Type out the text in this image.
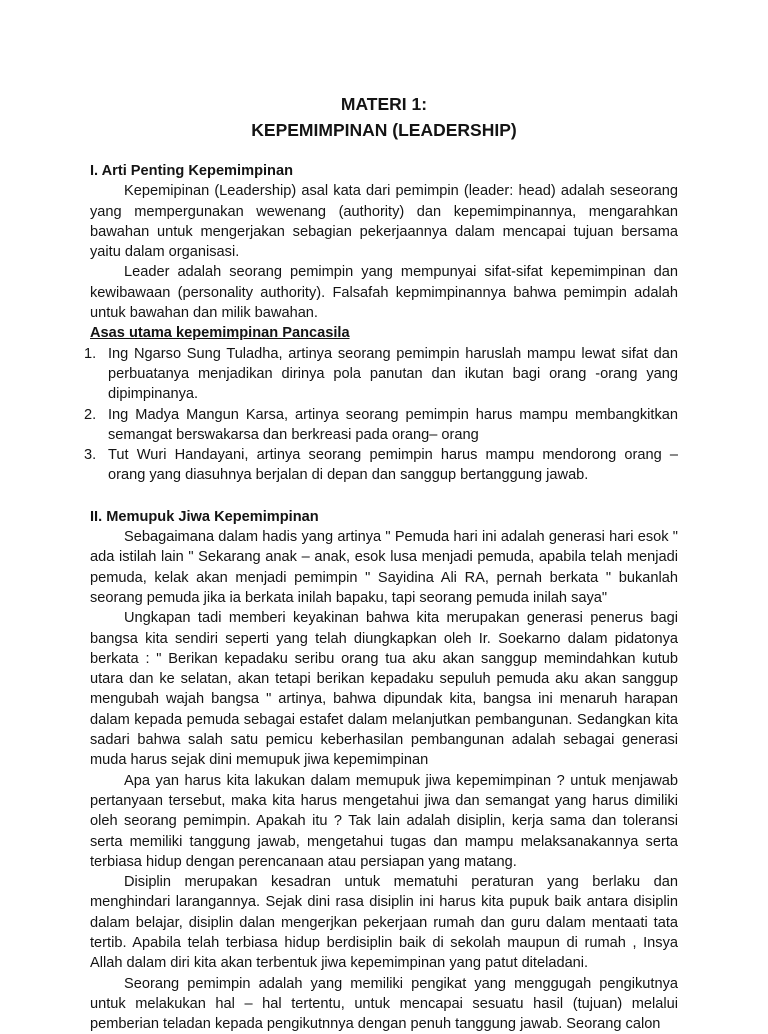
MATERI 1:
KEPEMIMPINAN (LEADERSHIP)
I. Arti Penting Kepemimpinan

Kepemipinan (Leadership) asal kata dari pemimpin (leader: head) adalah seseorang yang mempergunakan wewenang (authority) dan kepemimpinannya, mengarahkan bawahan untuk mengerjakan sebagian pekerjaannya dalam mencapai tujuan bersama yaitu dalam organisasi.

Leader adalah seorang pemimpin yang mempunyai sifat-sifat kepemimpinan dan kewibawaan (personality authority). Falsafah kepmimpinannya bahwa pemimpin adalah untuk bawahan dan milik bawahan.

Asas utama kepemimpinan Pancasila
1. Ing Ngarso Sung Tuladha, artinya seorang pemimpin haruslah mampu lewat sifat dan perbuatanya menjadikan dirinya pola panutan dan ikutan bagi orang -orang yang dipimpinanya.
2. Ing Madya Mangun Karsa, artinya seorang pemimpin harus mampu membangkitkan semangat berswakarsa dan berkreasi pada orang– orang
3. Tut Wuri Handayani, artinya seorang pemimpin harus mampu mendorong orang – orang yang diasuhnya berjalan di depan dan sanggup bertanggung jawab.
II. Memupuk Jiwa Kepemimpinan

Sebagaimana dalam hadis yang artinya " Pemuda hari ini adalah generasi hari esok " ada istilah lain " Sekarang anak – anak, esok lusa menjadi pemuda, apabila telah menjadi pemuda, kelak akan menjadi pemimpin " Sayidina Ali RA, pernah berkata " bukanlah seorang pemuda jika ia berkata inilah bapaku, tapi seorang pemuda inilah saya"

Ungkapan tadi memberi keyakinan bahwa kita merupakan generasi penerus bagi bangsa kita sendiri seperti yang telah diungkapkan oleh Ir. Soekarno dalam pidatonya berkata : " Berikan kepadaku seribu orang tua aku akan sanggup memindahkan kutub utara dan ke selatan, akan tetapi berikan kepadaku sepuluh pemuda aku akan sanggup mengubah wajah bangsa " artinya, bahwa dipundak kita, bangsa ini menaruh harapan dalam kepada pemuda sebagai estafet dalam melanjutkan pembangunan. Sedangkan kita sadari bahwa salah satu pemicu keberhasilan pembangunan adalah sebagai generasi muda harus sejak dini memupuk jiwa kepemimpinan

Apa yan harus kita lakukan dalam memupuk jiwa kepemimpinan ? untuk menjawab pertanyaan tersebut, maka kita harus mengetahui jiwa dan semangat yang harus dimiliki oleh seorang pemimpin. Apakah itu ? Tak lain adalah disiplin, kerja sama dan toleransi serta memiliki tanggung jawab, mengetahui tugas dan mampu melaksanakannya serta terbiasa hidup dengan perencanaan atau persiapan yang matang.

Disiplin merupakan kesadran untuk mematuhi peraturan yang berlaku dan menghindari larangannya. Sejak dini rasa disiplin ini harus kita pupuk baik antara disiplin dalam belajar, disiplin dalan mengerjkan pekerjaan rumah dan guru dalam mentaati tata tertib. Apabila telah terbiasa hidup berdisiplin baik di sekolah maupun di rumah , Insya Allah dalam diri kita akan terbentuk jiwa kepemimpinan yang patut diteladani.

Seorang pemimpin adalah yang memiliki pengikat yang menggugah pengikutnya untuk melakukan hal – hal tertentu, untuk mencapai sesuatu hasil (tujuan) melalui pemberian teladan kepada pengikutnnya dengan penuh tanggung jawab. Seorang calon
